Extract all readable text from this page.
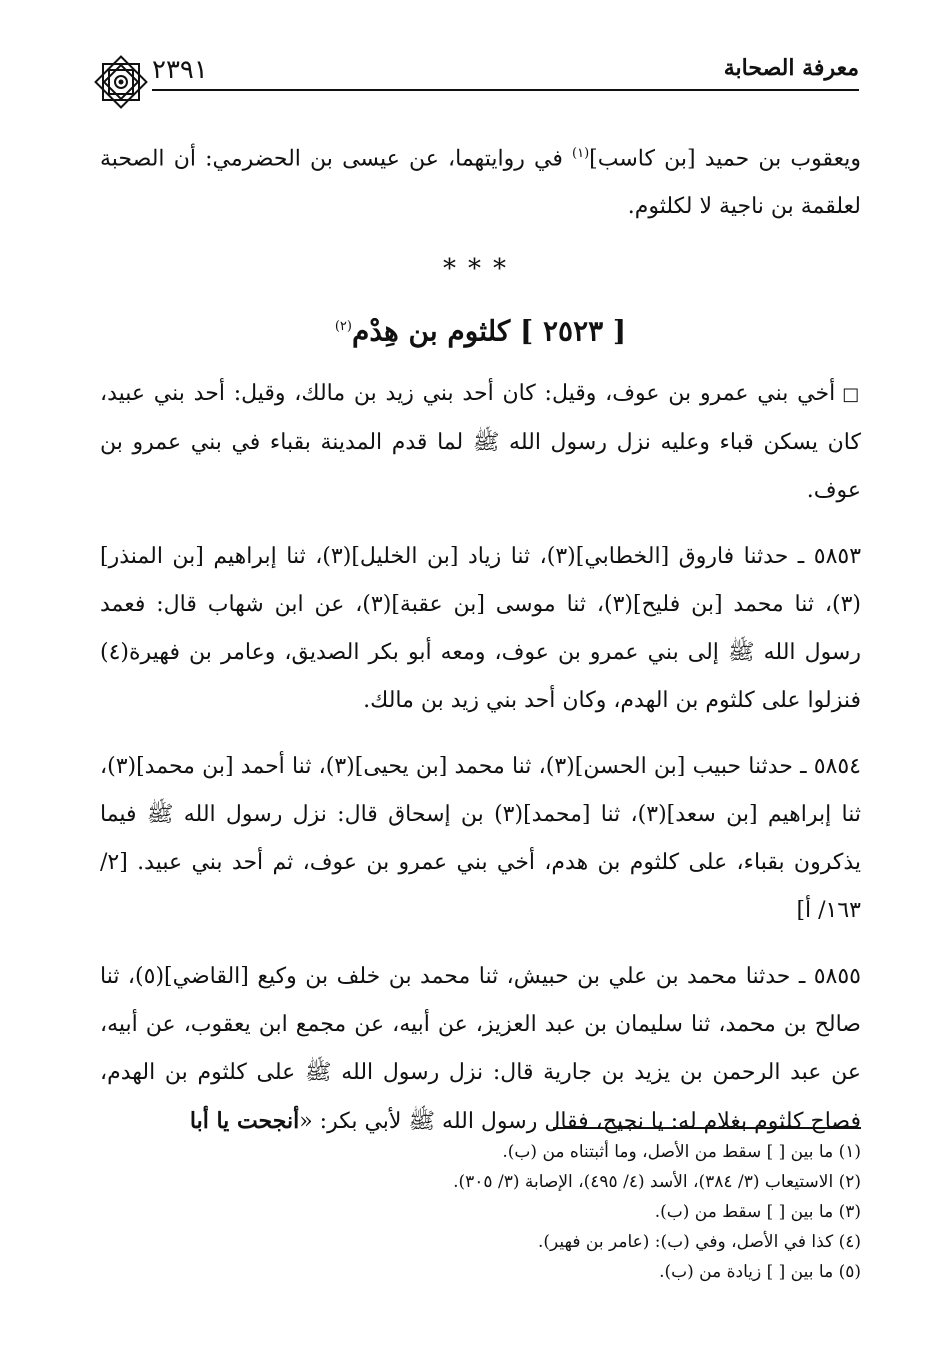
معرفة الصحابة
٢٣٩١

ويعقوب بن حميد [بن كاسب]$^{(١)}$ في روايتهما، عن عيسى بن الحضرمي: أن الصحبة لعلقمة بن ناجية لا لكلثوم.

***
[ ٢٥٢٣ ] كلثوم بن هِدْم$^{(٢)}$

□ أخي بني عمرو بن عوف، وقيل: كان أحد بني زيد بن مالك، وقيل: أحد بني عبيد، كان يسكن قباء وعليه نزل رسول الله ﷺ لما قدم المدينة بقباء في بني عمرو بن عوف.

٥٨٥٣ ـ حدثنا فاروق [الخطابي](٣)، ثنا زياد [بن الخليل](٣)، ثنا إبراهيم [بن المنذر](٣)، ثنا محمد [بن فليح](٣)، ثنا موسى [بن عقبة](٣)، عن ابن شهاب قال: فعمد رسول الله ﷺ إلى بني عمرو بن عوف، ومعه أبو بكر الصديق، وعامر بن فهيرة(٤) فنزلوا على كلثوم بن الهدم، وكان أحد بني زيد بن مالك.

٥٨٥٤ ـ حدثنا حبيب [بن الحسن](٣)، ثنا محمد [بن يحيى](٣)، ثنا أحمد [بن محمد](٣)، ثنا إبراهيم [بن سعد](٣)، ثنا [محمد](٣) بن إسحاق قال: نزل رسول الله ﷺ فيما يذكرون بقباء، على كلثوم بن هدم، أخي بني عمرو بن عوف، ثم أحد بني عبيد. [٢/ ١٦٣/ أ]

٥٨٥٥ ـ حدثنا محمد بن علي بن حبيش، ثنا محمد بن خلف بن وكيع [القاضي](٥)، ثنا صالح بن محمد، ثنا سليمان بن عبد العزيز، عن أبيه، عن مجمع ابن يعقوب، عن أبيه، عن عبد الرحمن بن يزيد بن جارية قال: نزل رسول الله ﷺ على كلثوم بن الهدم، فصاح كلثوم بغلام له: يا نجيح، فقال رسول الله ﷺ لأبي بكر: «أنجحت يا أبا

(١) ما بين [ ] سقط من الأصل، وما أثبتناه من (ب).
(٢) الاستيعاب (٣/ ٣٨٤)، الأسد (٤/ ٤٩٥)، الإصابة (٣/ ٣٠٥).
(٣) ما بين [ ] سقط من (ب).
(٤) كذا في الأصل، وفي (ب): (عامر بن فهير).
(٥) ما بين [ ] زيادة من (ب).
